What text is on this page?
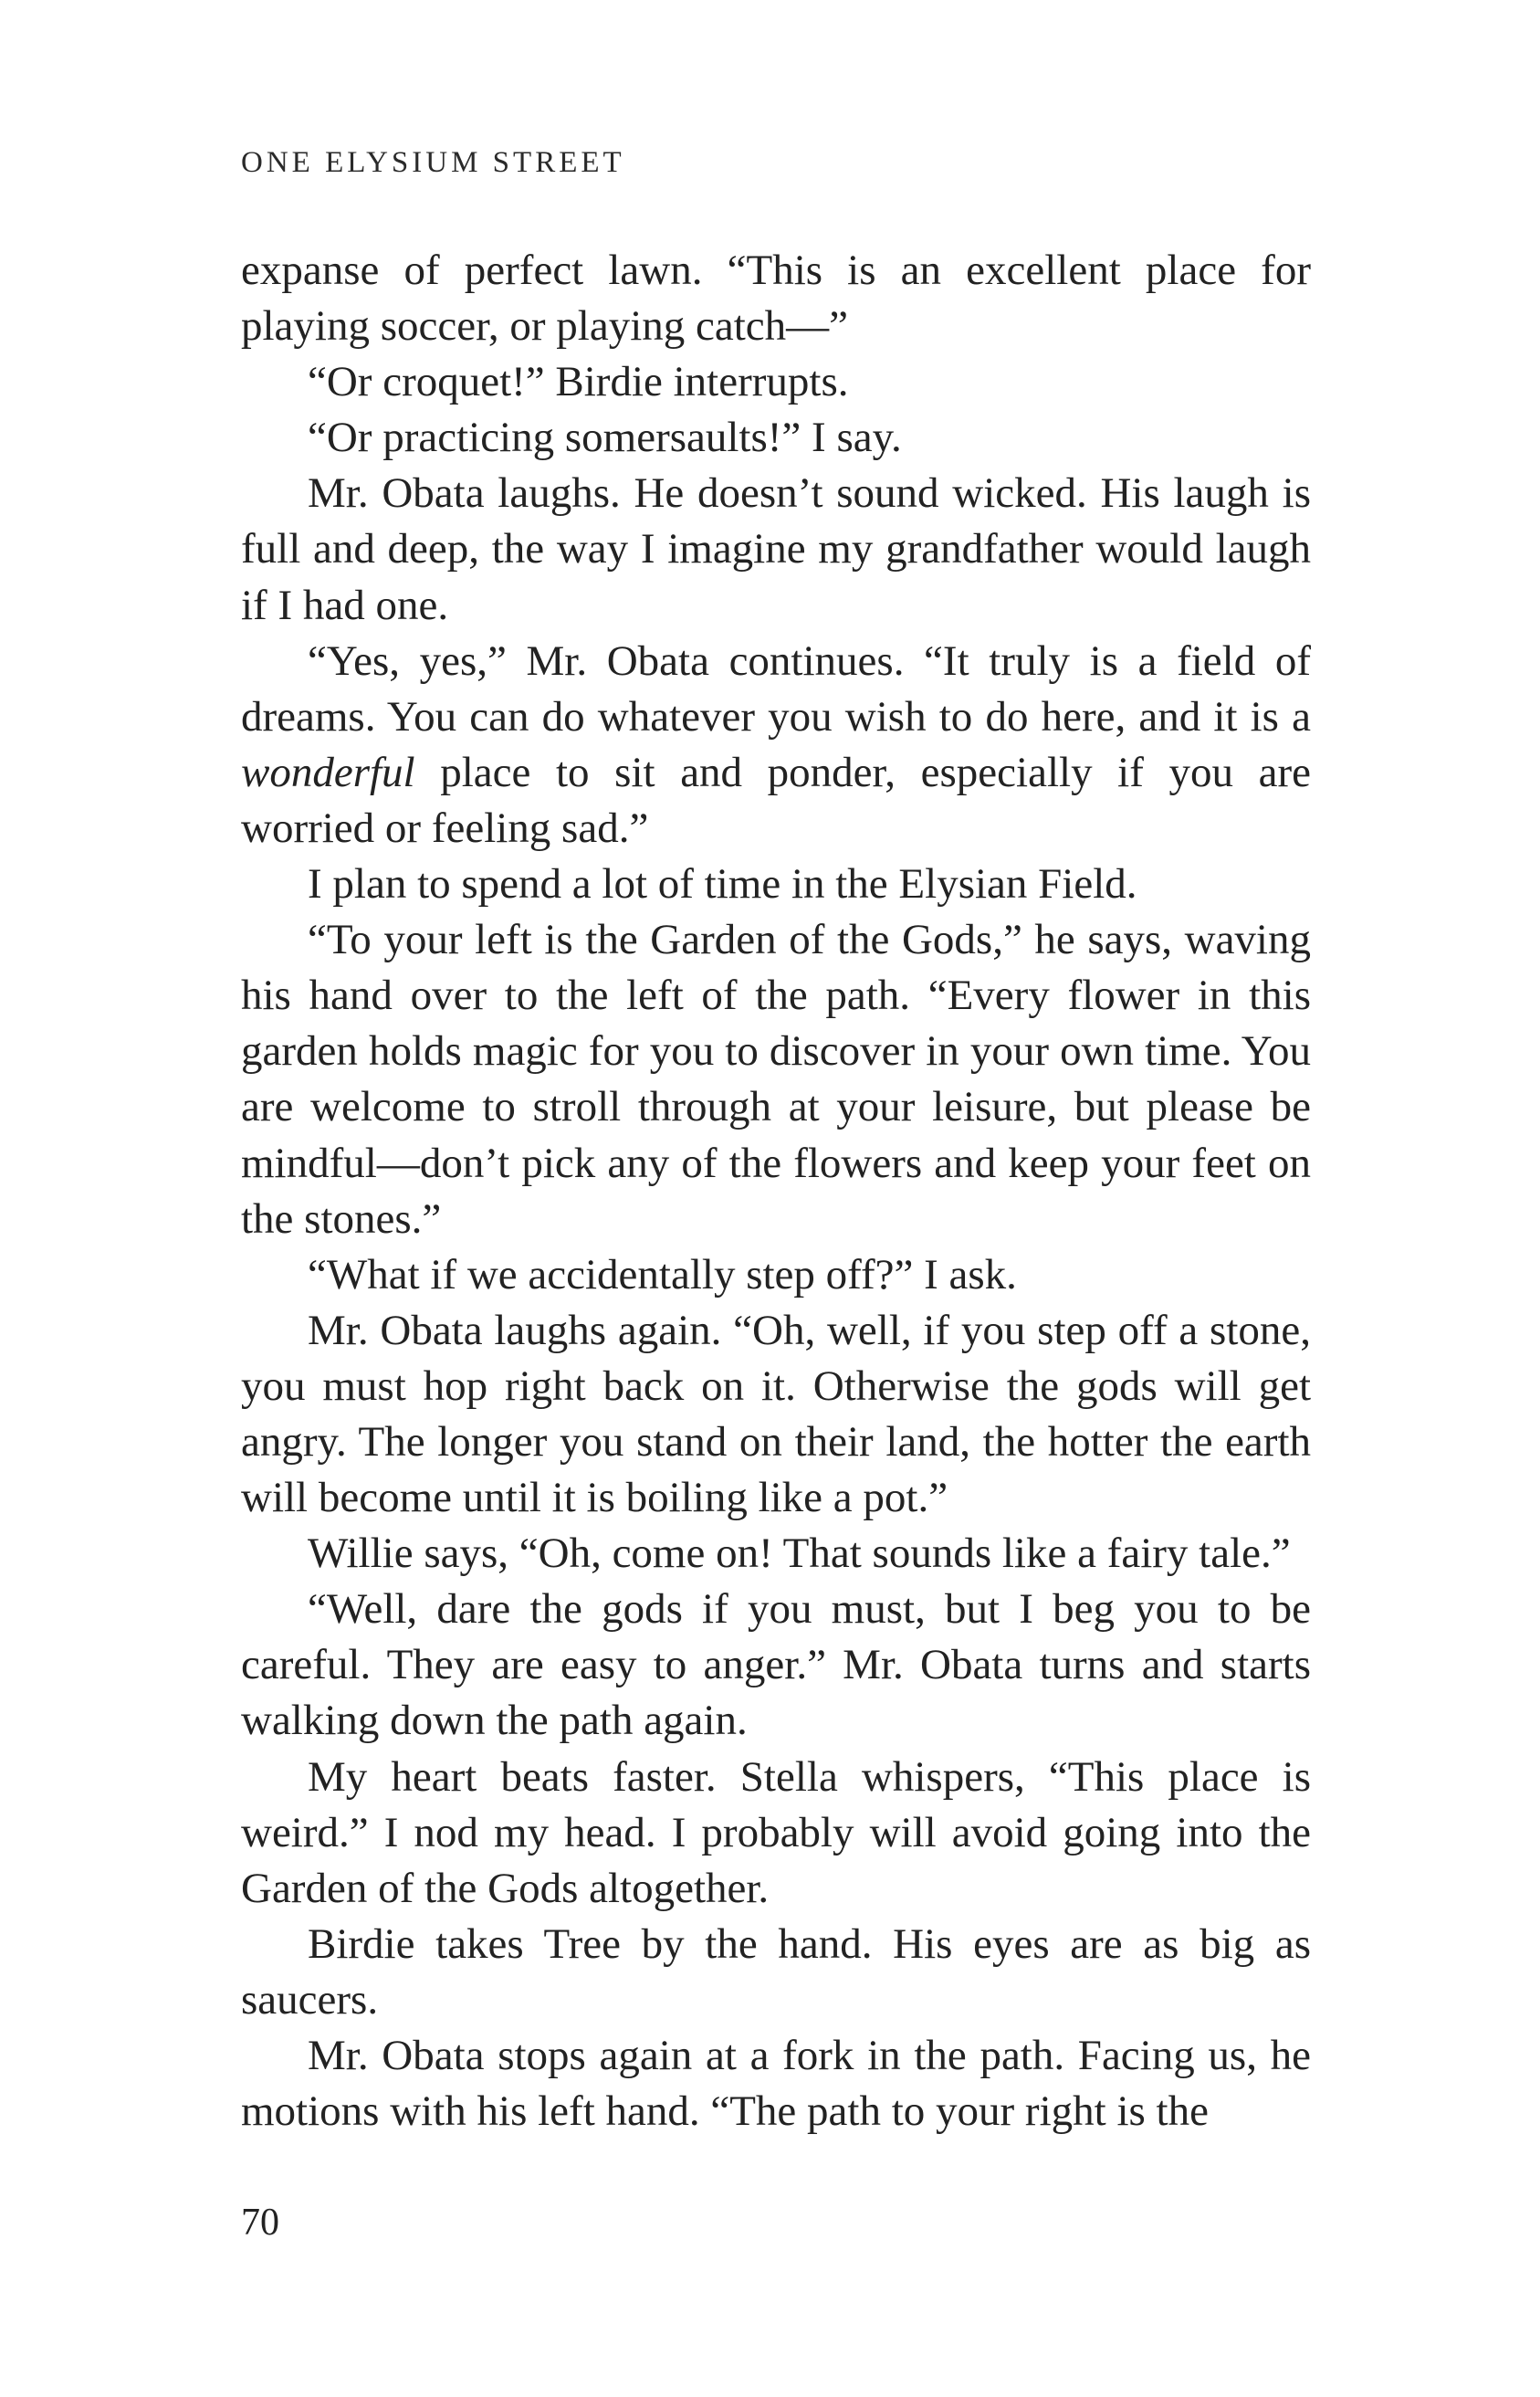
ONE ELYSIUM STREET

expanse of perfect lawn. “This is an excellent place for playing soccer, or playing catch—”

“Or croquet!” Birdie interrupts.

“Or practicing somersaults!” I say.

Mr. Obata laughs. He doesn’t sound wicked. His laugh is full and deep, the way I imagine my grandfather would laugh if I had one.

“Yes, yes,” Mr. Obata continues. “It truly is a field of dreams. You can do whatever you wish to do here, and it is a wonderful place to sit and ponder, especially if you are worried or feeling sad.”

I plan to spend a lot of time in the Elysian Field.

“To your left is the Garden of the Gods,” he says, waving his hand over to the left of the path. “Every flower in this garden holds magic for you to discover in your own time. You are welcome to stroll through at your leisure, but please be mindful—don’t pick any of the flowers and keep your feet on the stones.”

“What if we accidentally step off?” I ask.

Mr. Obata laughs again. “Oh, well, if you step off a stone, you must hop right back on it. Otherwise the gods will get angry. The longer you stand on their land, the hotter the earth will become until it is boiling like a pot.”

Willie says, “Oh, come on! That sounds like a fairy tale.”

“Well, dare the gods if you must, but I beg you to be careful. They are easy to anger.” Mr. Obata turns and starts walking down the path again.

My heart beats faster. Stella whispers, “This place is weird.” I nod my head. I probably will avoid going into the Garden of the Gods altogether.

Birdie takes Tree by the hand. His eyes are as big as saucers.

Mr. Obata stops again at a fork in the path. Facing us, he motions with his left hand. “The path to your right is the

70
